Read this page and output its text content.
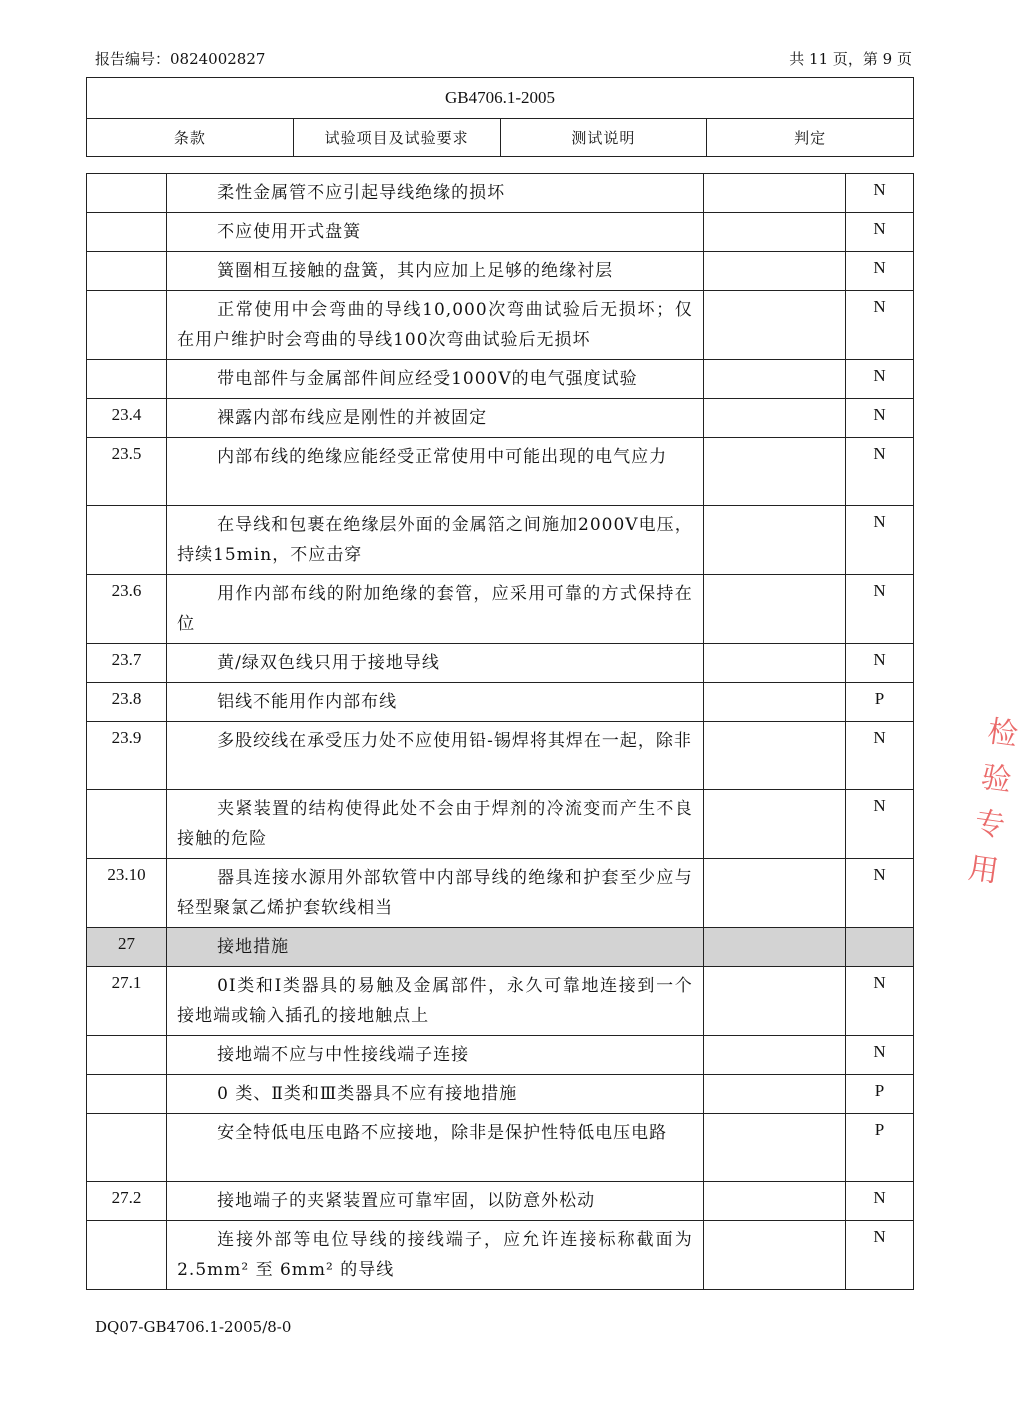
报告编号：0824002827	共 11 页，第 9 页
GB4706.1-2005
条款	试验项目及试验要求	测试说明	判定
	柔性金属管不应引起导线绝缘的损坏		N
	不应使用开式盘簧		N
	簧圈相互接触的盘簧，其内应加上足够的绝缘衬层		N
	正常使用中会弯曲的导线10,000次弯曲试验后无损坏；仅在用户维护时会弯曲的导线100次弯曲试验后无损坏		N
	带电部件与金属部件间应经受1000V的电气强度试验		N
23.4	裸露内部布线应是刚性的并被固定		N
23.5	内部布线的绝缘应能经受正常使用中可能出现的电气应力		N
	在导线和包裹在绝缘层外面的金属箔之间施加2000V电压，持续15min，不应击穿		N
23.6	用作内部布线的附加绝缘的套管，应采用可靠的方式保持在位		N
23.7	黄/绿双色线只用于接地导线		N
23.8	铝线不能用作内部布线		P
23.9	多股绞线在承受压力处不应使用铅-锡焊将其焊在一起，除非		N
	夹紧装置的结构使得此处不会由于焊剂的冷流变而产生不良接触的危险		N
23.10	器具连接水源用外部软管中内部导线的绝缘和护套至少应与轻型聚氯乙烯护套软线相当		N
27	接地措施		
27.1	0I类和Ⅰ类器具的易触及金属部件，永久可靠地连接到一个接地端或输入插孔的接地触点上		N
	接地端不应与中性接线端子连接		N
	0 类、Ⅱ类和Ⅲ类器具不应有接地措施		P
	安全特低电压电路不应接地，除非是保护性特低电压电路		P
27.2	接地端子的夹紧装置应可靠牢固，以防意外松动		N
	连接外部等电位导线的接线端子，应允许连接标称截面为 2.5mm² 至 6mm² 的导线		N
检
验
专
用
DQ07-GB4706.1-2005/8-0
